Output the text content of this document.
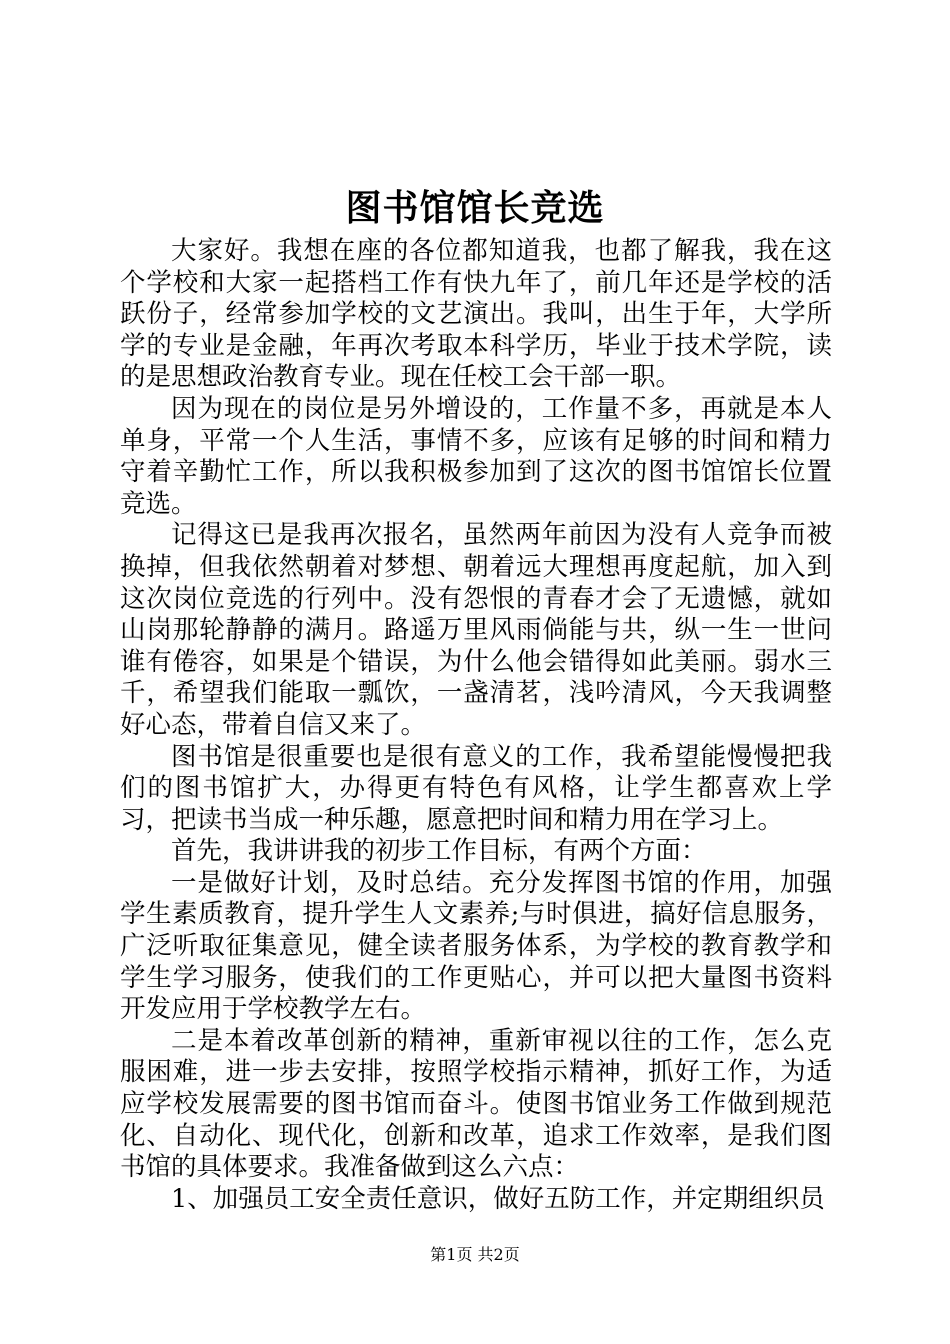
图书馆馆长竞选

大家好。我想在座的各位都知道我，也都了解我，我在这个学校和大家一起搭档工作有快九年了，前几年还是学校的活跃份子，经常参加学校的文艺演出。我叫，出生于年，大学所学的专业是金融，年再次考取本科学历，毕业于技术学院，读的是思想政治教育专业。现在任校工会干部一职。

因为现在的岗位是另外增设的，工作量不多，再就是本人单身，平常一个人生活，事情不多，应该有足够的时间和精力守着辛勤忙工作，所以我积极参加到了这次的图书馆馆长位置竞选。

记得这已是我再次报名，虽然两年前因为没有人竞争而被换掉，但我依然朝着对梦想、朝着远大理想再度起航，加入到这次岗位竞选的行列中。没有怨恨的青春才会了无遗憾，就如山岗那轮静静的满月。路遥万里风雨倘能与共，纵一生一世问谁有倦容，如果是个错误，为什么他会错得如此美丽。弱水三千，希望我们能取一瓢饮，一盏清茗，浅吟清风，今天我调整好心态，带着自信又来了。

图书馆是很重要也是很有意义的工作，我希望能慢慢把我们的图书馆扩大，办得更有特色有风格，让学生都喜欢上学习，把读书当成一种乐趣，愿意把时间和精力用在学习上。

首先，我讲讲我的初步工作目标，有两个方面：

一是做好计划，及时总结。充分发挥图书馆的作用，加强学生素质教育，提升学生人文素养;与时俱进，搞好信息服务，广泛听取征集意见，健全读者服务体系，为学校的教育教学和学生学习服务，使我们的工作更贴心，并可以把大量图书资料开发应用于学校教学左右。

二是本着改革创新的精神，重新审视以往的工作，怎么克服困难，进一步去安排，按照学校指示精神，抓好工作，为适应学校发展需要的图书馆而奋斗。使图书馆业务工作做到规范化、自动化、现代化，创新和改革，追求工作效率，是我们图书馆的具体要求。我准备做到这么六点：

1、加强员工安全责任意识，做好五防工作，并定期组织员

第1页 共2页
